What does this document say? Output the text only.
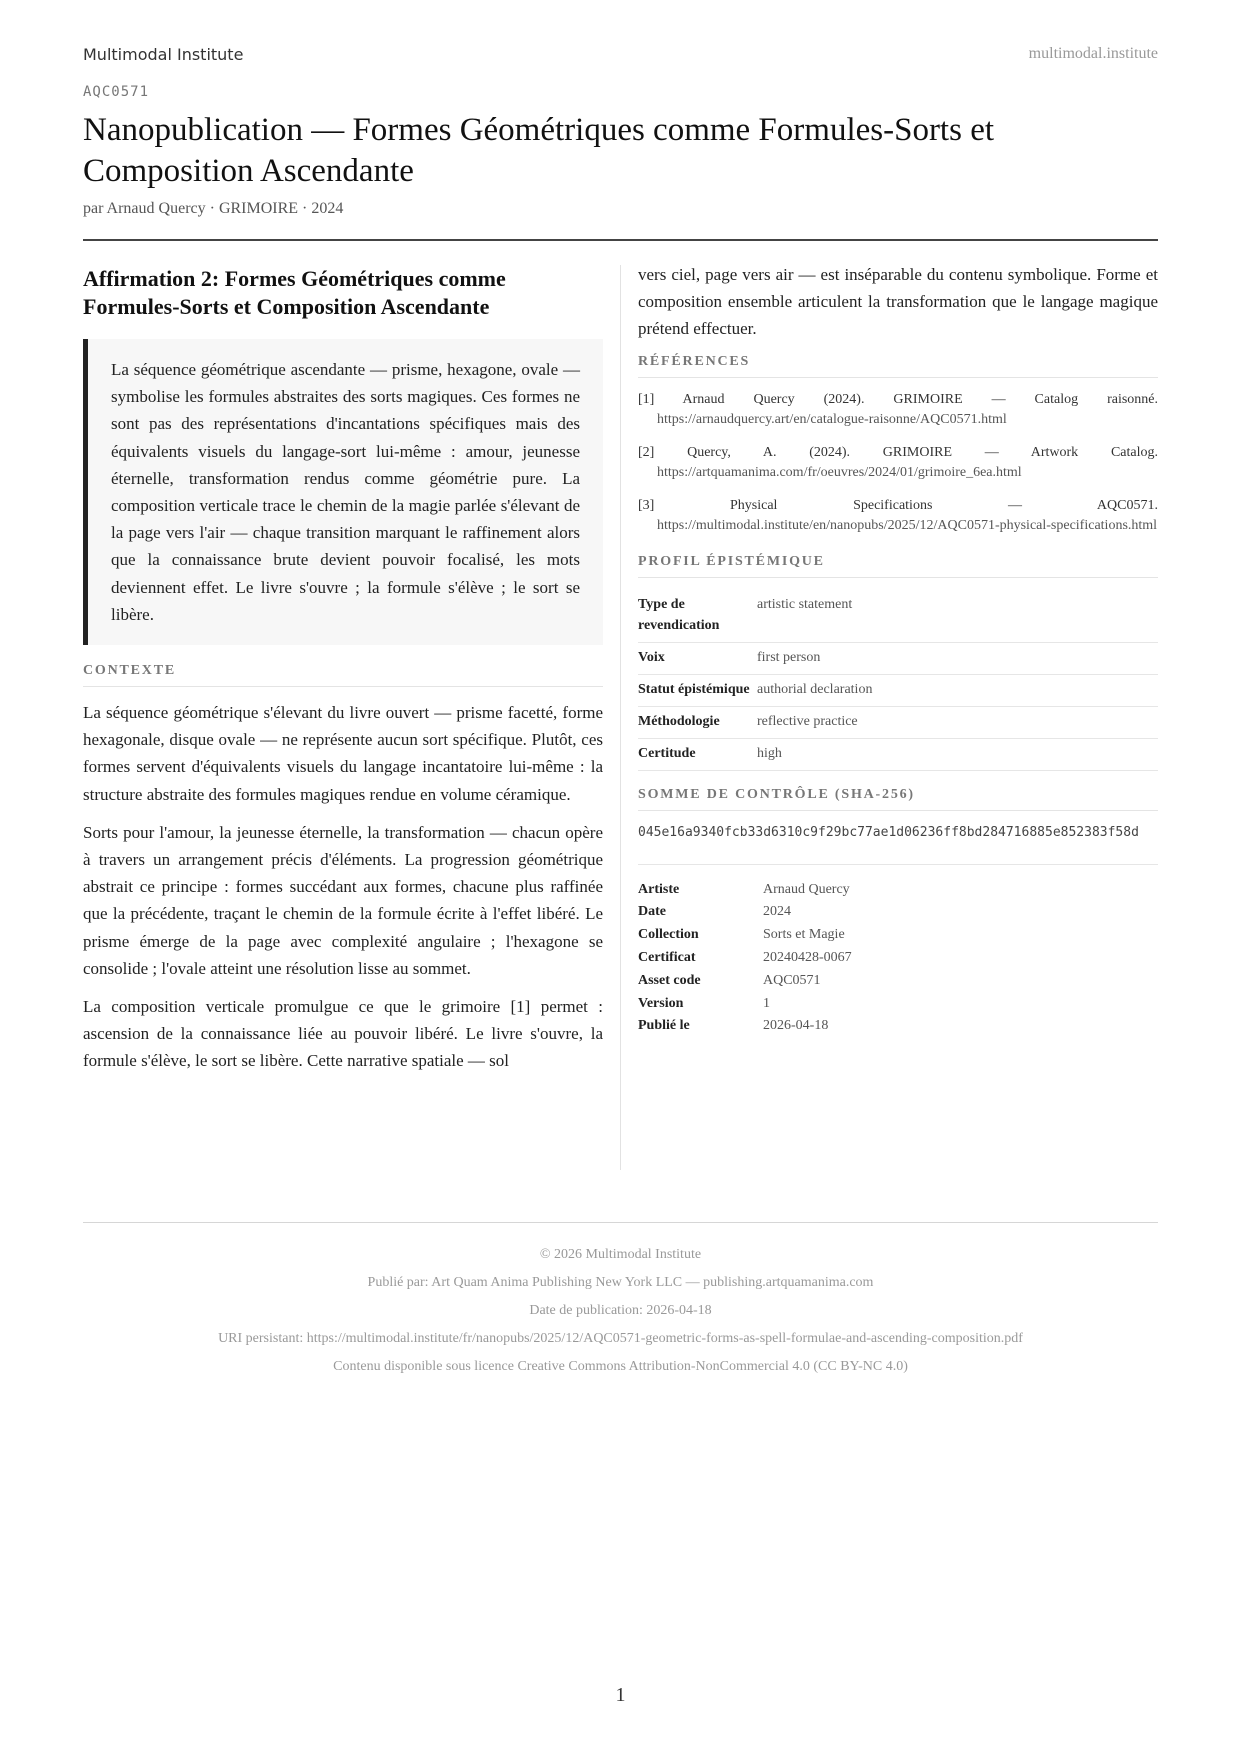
Multimodal Institute	multimodal.institute
AQC0571
Nanopublication — Formes Géométriques comme Formules-Sorts et Composition Ascendante
par Arnaud Quercy · GRIMOIRE · 2024
Affirmation 2: Formes Géométriques comme Formules-Sorts et Composition Ascendante
La séquence géométrique ascendante — prisme, hexagone, ovale — symbolise les formules abstraites des sorts magiques. Ces formes ne sont pas des représentations d'incantations spécifiques mais des équivalents visuels du langage-sort lui-même : amour, jeunesse éternelle, transformation rendus comme géométrie pure. La composition verticale trace le chemin de la magie parlée s'élevant de la page vers l'air — chaque transition marquant le raffinement alors que la connaissance brute devient pouvoir focalisé, les mots deviennent effet. Le livre s'ouvre ; la formule s'élève ; le sort se libère.
CONTEXTE

La séquence géométrique s'élevant du livre ouvert — prisme facetté, forme hexagonale, disque ovale — ne représente aucun sort spécifique. Plutôt, ces formes servent d'équivalents visuels du langage incantatoire lui-même : la structure abstraite des formules magiques rendue en volume céramique.

Sorts pour l'amour, la jeunesse éternelle, la transformation — chacun opère à travers un arrangement précis d'éléments. La progression géométrique abstrait ce principe : formes succédant aux formes, chacune plus raffinée que la précédente, traçant le chemin de la formule écrite à l'effet libéré. Le prisme émerge de la page avec complexité angulaire ; l'hexagone se consolide ; l'ovale atteint une résolution lisse au sommet.

La composition verticale promulgue ce que le grimoire [1] permet : ascension de la connaissance liée au pouvoir libéré. Le livre s'ouvre, la formule s'élève, le sort se libère. Cette narrative spatiale — sol

vers ciel, page vers air — est inséparable du contenu symbolique. Forme et composition ensemble articulent la transformation que le langage magique prétend effectuer.

RÉFÉRENCES
[1] Arnaud Quercy (2024). GRIMOIRE — Catalog raisonné. https://arnaudquercy.art/en/catalogue-raisonne/AQC0571.html
[2] Quercy, A. (2024). GRIMOIRE — Artwork Catalog. https://artquamanima.com/fr/oeuvres/2024/01/grimoire_6ea.html
[3] Physical Specifications — AQC0571. https://multimodal.institute/en/nanopubs/2025/12/AQC0571-physical-specifications.html
PROFIL ÉPISTÉMIQUE
Type de revendication	artistic statement
Voix	first person
Statut épistémique	authorial declaration
Méthodologie	reflective practice
Certitude	high
SOMME DE CONTRÔLE (SHA-256)
045e16a9340fcb33d6310c9f29bc77ae1d06236ff8bd284716885e852383f58d
Artiste	Arnaud Quercy
Date	2024
Collection	Sorts et Magie
Certificat	20240428-0067
Asset code	AQC0571
Version	1
Publié le	2026-04-18
© 2026 Multimodal Institute
Publié par: Art Quam Anima Publishing New York LLC — publishing.artquamanima.com
Date de publication: 2026-04-18
URI persistant: https://multimodal.institute/fr/nanopubs/2025/12/AQC0571-geometric-forms-as-spell-formulae-and-ascending-composition.pdf
Contenu disponible sous licence Creative Commons Attribution-NonCommercial 4.0 (CC BY-NC 4.0)
1
